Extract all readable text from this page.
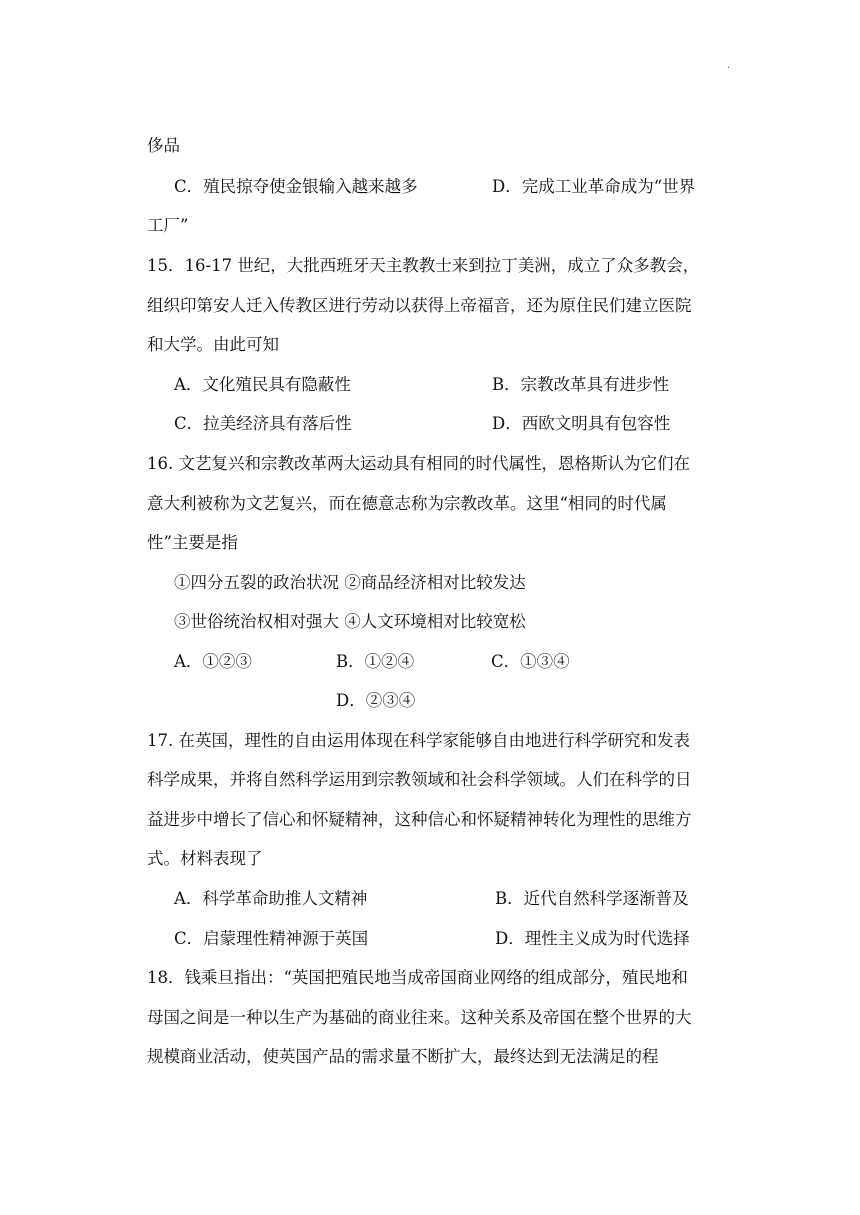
·
侈品
C．殖民掠夺使金银输入越来越多	D．完成工业革命成为“世界
工厂”
15．16-17 世纪，大批西班牙天主教教士来到拉丁美洲，成立了众多教会，
组织印第安人迁入传教区进行劳动以获得上帝福音，还为原住民们建立医院
和大学。由此可知
A．文化殖民具有隐蔽性	B．宗教改革具有进步性
C．拉美经济具有落后性	D．西欧文明具有包容性
16. 文艺复兴和宗教改革两大运动具有相同的时代属性，恩格斯认为它们在
意大利被称为文艺复兴，而在德意志称为宗教改革。这里“相同的时代属
性”主要是指
①四分五裂的政治状况 ②商品经济相对比较发达
③世俗统治权相对强大 ④人文环境相对比较宽松
A．①②③	B．①②④	C．①③④
D．②③④
17. 在英国，理性的自由运用体现在科学家能够自由地进行科学研究和发表
科学成果，并将自然科学运用到宗教领域和社会科学领域。人们在科学的日
益进步中增长了信心和怀疑精神，这种信心和怀疑精神转化为理性的思维方
式。材料表现了
A．科学革命助推人文精神	B．近代自然科学逐渐普及
C．启蒙理性精神源于英国	D．理性主义成为时代选择
18．钱乘旦指出：“英国把殖民地当成帝国商业网络的组成部分，殖民地和
母国之间是一种以生产为基础的商业往来。这种关系及帝国在整个世界的大
规模商业活动，使英国产品的需求量不断扩大，最终达到无法满足的程
